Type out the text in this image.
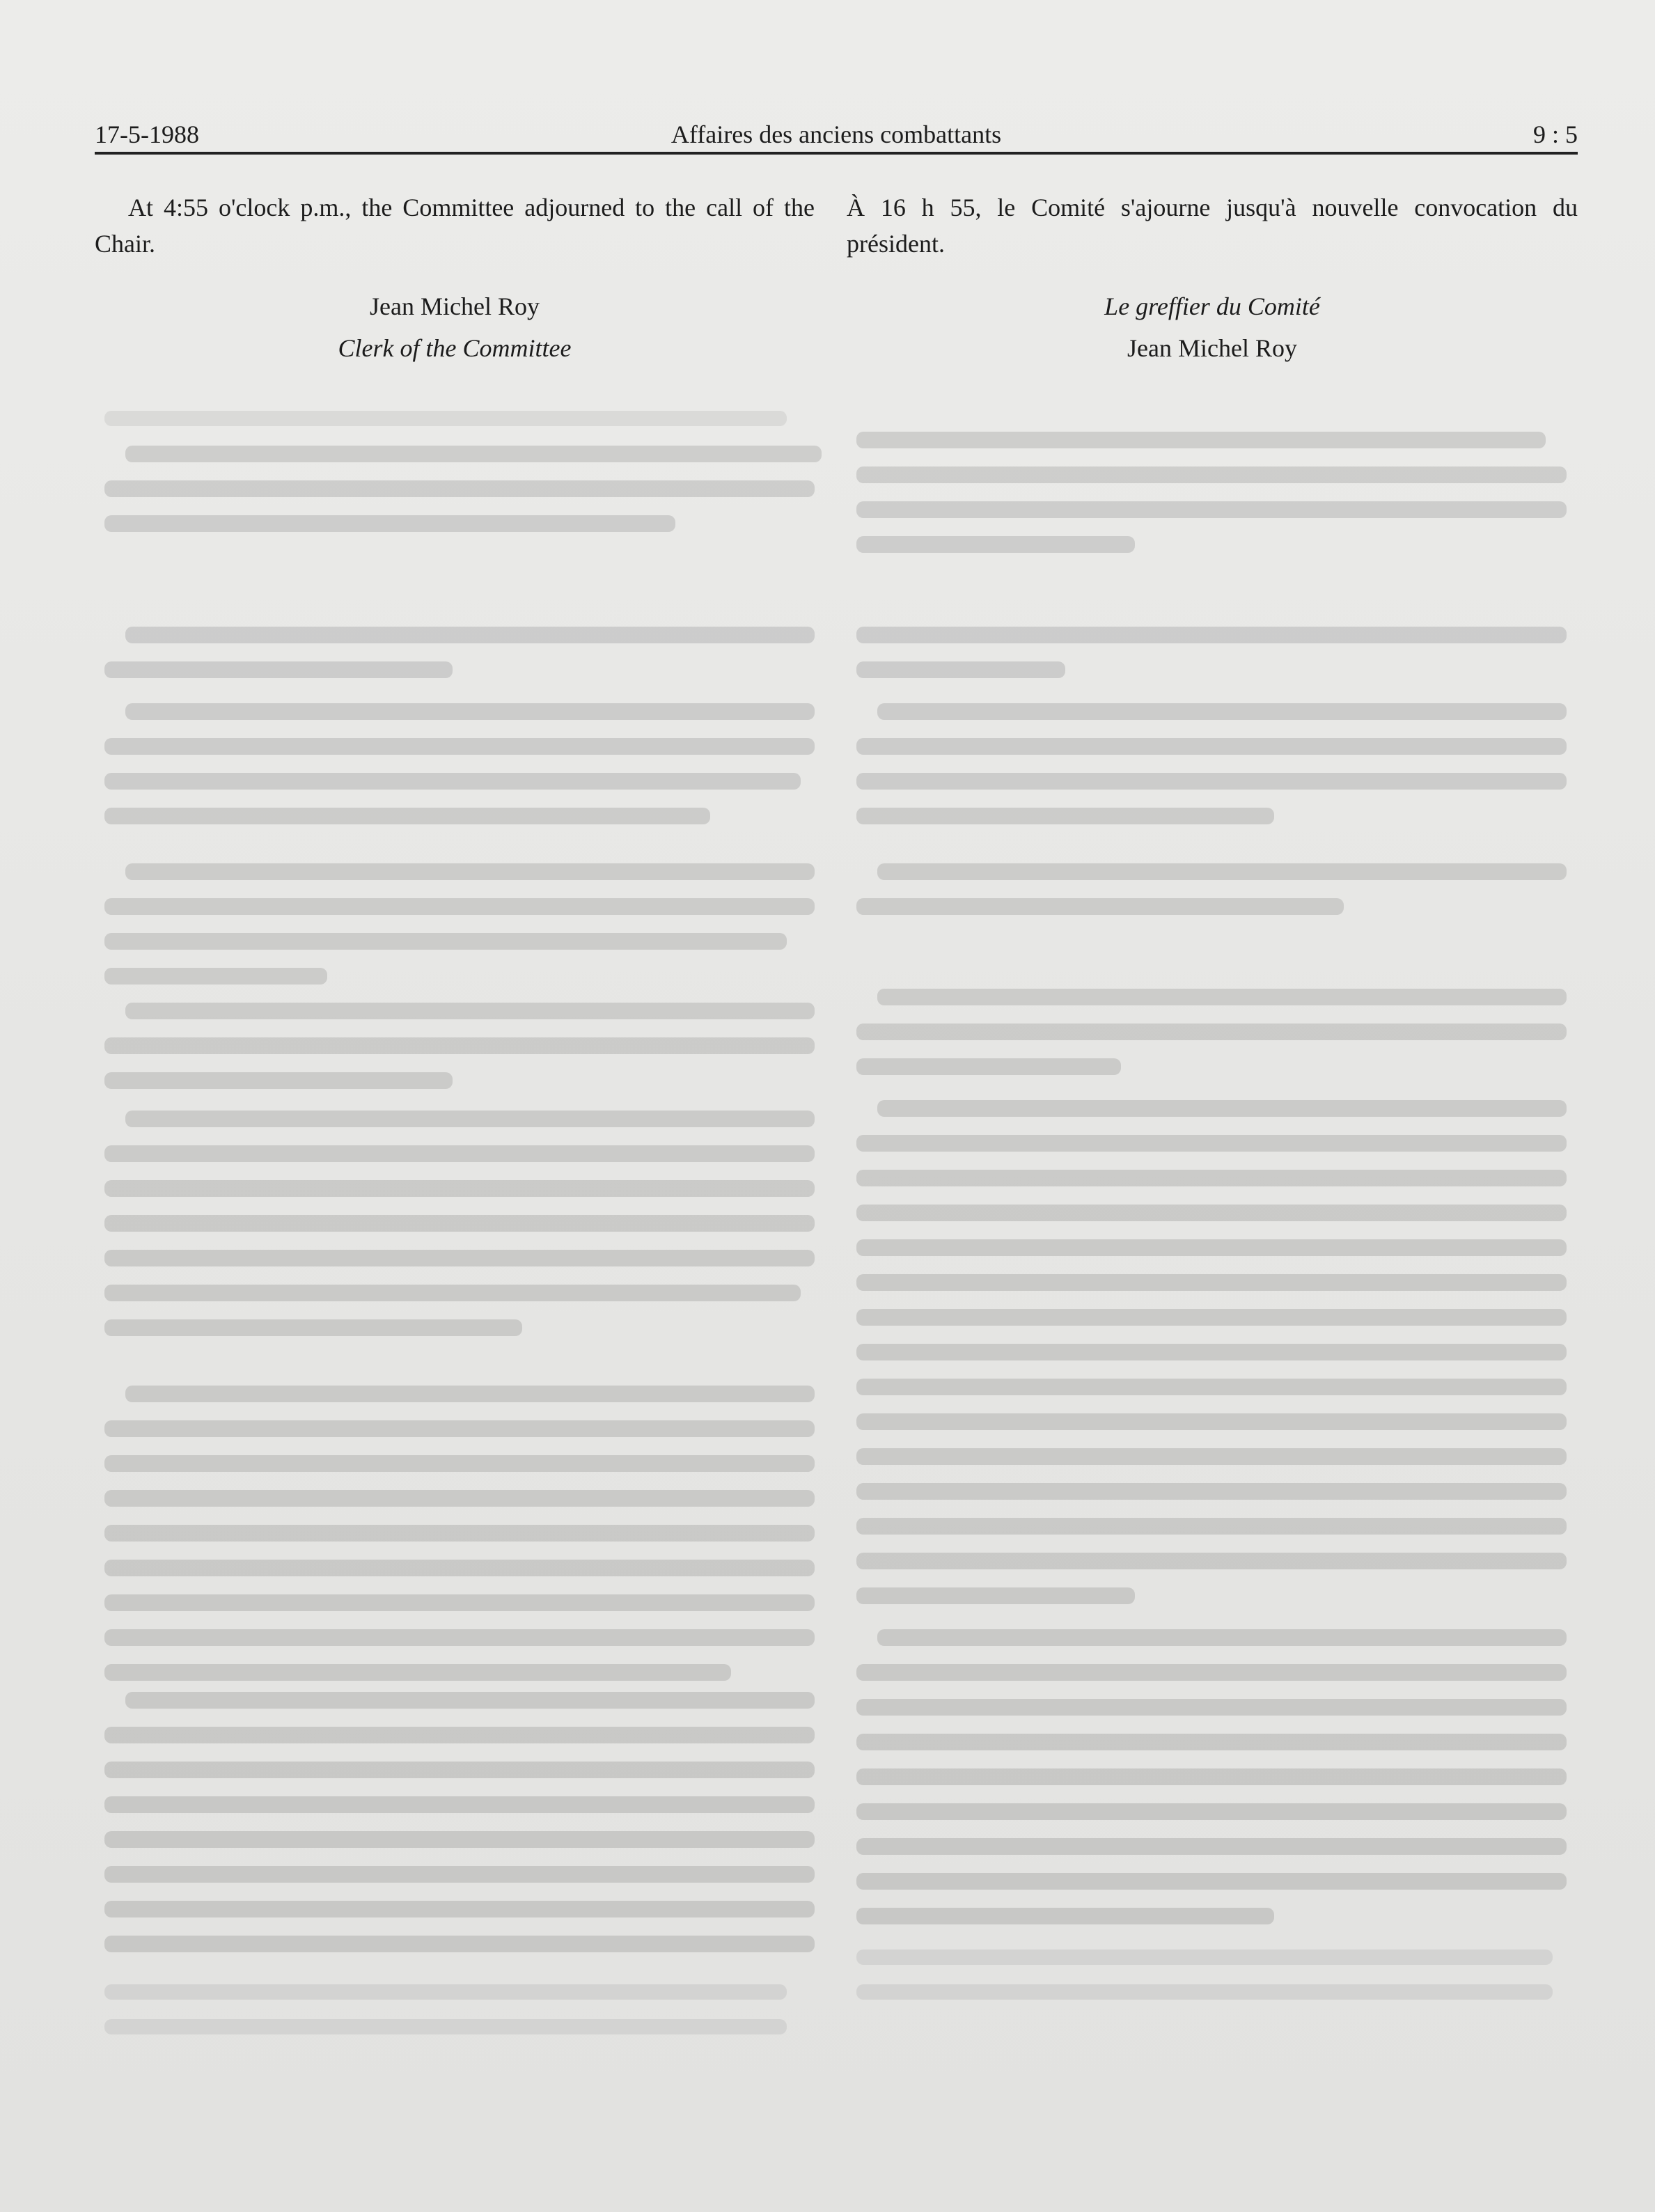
17-5-1988	Affaires des anciens combattants	9 : 5

At 4:55 o'clock p.m., the Committee adjourned to the call of the Chair.

Jean Michel Roy
Clerk of the Committee

À 16 h 55, le Comité s'ajourne jusqu'à nouvelle convocation du président.

Le greffier du Comité
Jean Michel Roy
